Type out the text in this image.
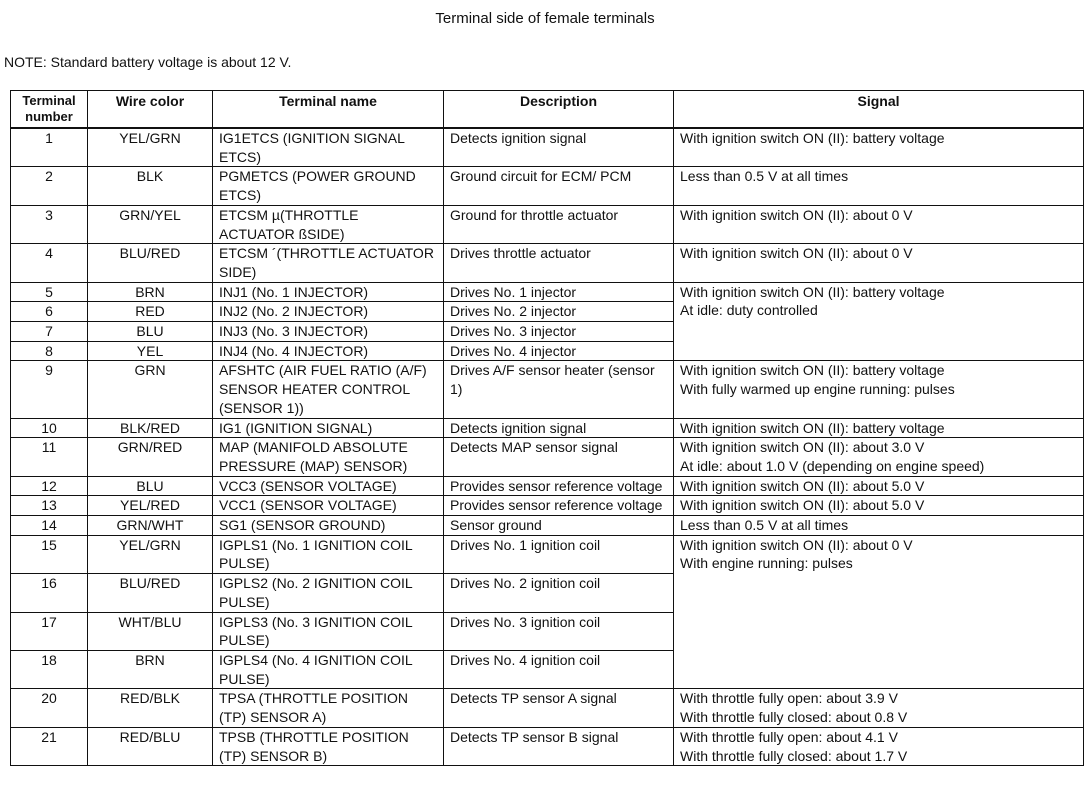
Terminal side of female terminals
NOTE: Standard battery voltage is about 12 V.
Terminal number	Wire color	Terminal name	Description	Signal
1	YEL/GRN	IG1ETCS (IGNITION SIGNAL ETCS)	Detects ignition signal	With ignition switch ON (II): battery voltage

2	BLK	PGMETCS (POWER GROUND ETCS)	Ground circuit for ECM/ PCM	Less than 0.5 V at all times

3	GRN/YEL	ETCSM µ(THROTTLE ACTUATOR ßSIDE)	Ground for throttle actuator	With ignition switch ON (II): about 0 V

4	BLU/RED	ETCSM ´(THROTTLE ACTUATOR SIDE)	Drives throttle actuator	With ignition switch ON (II): about 0 V

5	BRN	INJ1 (No. 1 INJECTOR)	Drives No. 1 injector	With ignition switch ON (II): battery voltage
At idle: duty controlled

6	RED	INJ2 (No. 2 INJECTOR)	Drives No. 2 injector	
7	BLU	INJ3 (No. 3 INJECTOR)	Drives No. 3 injector	
8	YEL	INJ4 (No. 4 INJECTOR)	Drives No. 4 injector	
9	GRN	AFSHTC (AIR FUEL RATIO (A/F) SENSOR HEATER CONTROL (SENSOR 1))	Drives A/F sensor heater (sensor 1)	With ignition switch ON (II): battery voltage
With fully warmed up engine running: pulses

10	BLK/RED	IG1 (IGNITION SIGNAL)	Detects ignition signal	With ignition switch ON (II): battery voltage

11	GRN/RED	MAP (MANIFOLD ABSOLUTE PRESSURE (MAP) SENSOR)	Detects MAP sensor signal	With ignition switch ON (II): about 3.0 V
At idle: about 1.0 V (depending on engine speed)

12	BLU	VCC3 (SENSOR VOLTAGE)	Provides sensor reference voltage	With ignition switch ON (II): about 5.0 V

13	YEL/RED	VCC1 (SENSOR VOLTAGE)	Provides sensor reference voltage	With ignition switch ON (II): about 5.0 V

14	GRN/WHT	SG1 (SENSOR GROUND)	Sensor ground	Less than 0.5 V at all times

15	YEL/GRN	IGPLS1 (No. 1 IGNITION COIL PULSE)	Drives No. 1 ignition coil	With ignition switch ON (II): about 0 V
With engine running: pulses

16	BLU/RED	IGPLS2 (No. 2 IGNITION COIL PULSE)	Drives No. 2 ignition coil	
17	WHT/BLU	IGPLS3 (No. 3 IGNITION COIL PULSE)	Drives No. 3 ignition coil	
18	BRN	IGPLS4 (No. 4 IGNITION COIL PULSE)	Drives No. 4 ignition coil	
20	RED/BLK	TPSA (THROTTLE POSITION (TP) SENSOR A)	Detects TP sensor A signal	With throttle fully open: about 3.9 V
With throttle fully closed: about 0.8 V

21	RED/BLU	TPSB (THROTTLE POSITION (TP) SENSOR B)	Detects TP sensor B signal	With throttle fully open: about 4.1 V
With throttle fully closed: about 1.7 V
